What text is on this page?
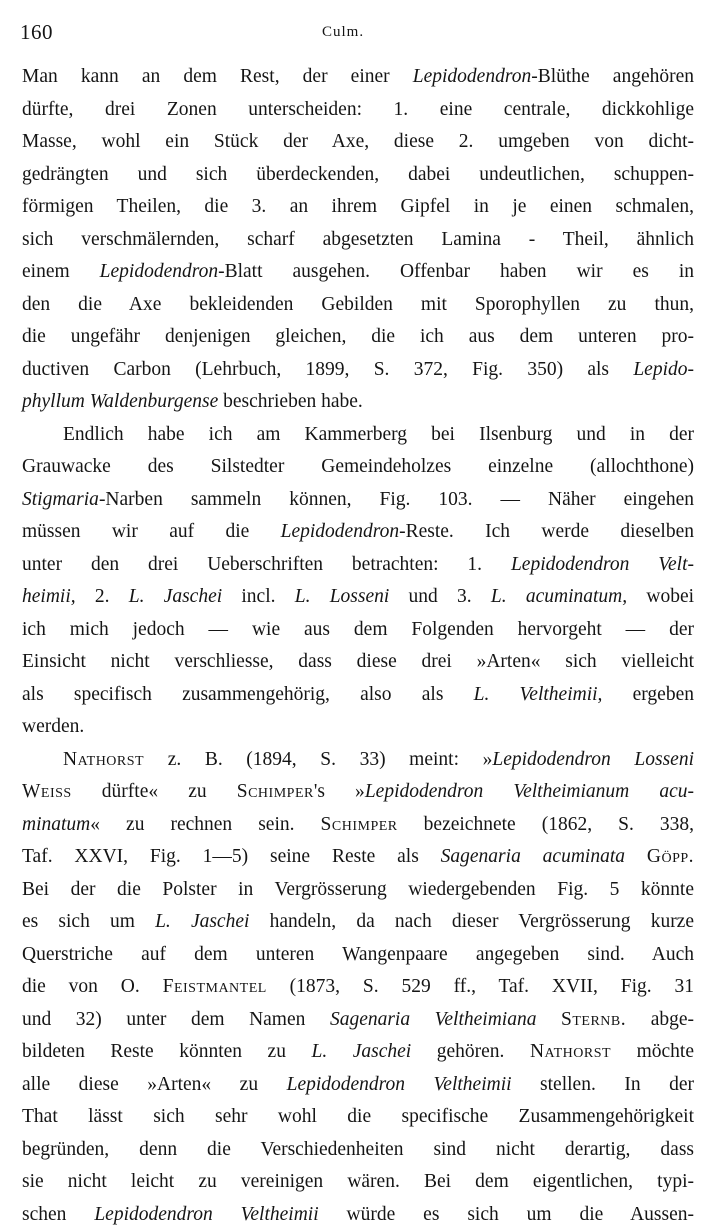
160	Culm.
Man kann an dem Rest, der einer Lepidodendron-Blüthe angehören
dürfte, drei Zonen unterscheiden: 1. eine centrale, dickkohlige
Masse, wohl ein Stück der Axe, diese 2. umgeben von dicht-
gedrängten und sich überdeckenden, dabei undeutlichen, schuppen-
förmigen Theilen, die 3. an ihrem Gipfel in je einen schmalen,
sich verschmälernden, scharf abgesetzten Lamina - Theil, ähnlich
einem Lepidodendron-Blatt ausgehen. Offenbar haben wir es in
den die Axe bekleidenden Gebilden mit Sporophyllen zu thun,
die ungefähr denjenigen gleichen, die ich aus dem unteren pro-
ductiven Carbon (Lehrbuch, 1899, S. 372, Fig. 350) als Lepido-
phyllum Waldenburgense beschrieben habe.
Endlich habe ich am Kammerberg bei Ilsenburg und in der
Grauwacke des Silstedter Gemeindeholzes einzelne (allochthone)
Stigmaria-Narben sammeln können, Fig. 103. — Näher eingehen
müssen wir auf die Lepidodendron-Reste. Ich werde dieselben
unter den drei Ueberschriften betrachten: 1. Lepidodendron Velt-
heimii, 2. L. Jaschei incl. L. Losseni und 3. L. acuminatum, wobei
ich mich jedoch — wie aus dem Folgenden hervorgeht — der
Einsicht nicht verschliesse, dass diese drei »Arten« sich vielleicht
als specifisch zusammengehörig, also als L. Veltheimii, ergeben
werden.
Nathorst z. B. (1894, S. 33) meint: »Lepidodendron Losseni
Weiss dürfte« zu Schimper's »Lepidodendron Veltheimianum acu-
minatum« zu rechnen sein. Schimper bezeichnete (1862, S. 338,
Taf. XXVI, Fig. 1—5) seine Reste als Sagenaria acuminata Göpp.
Bei der die Polster in Vergrösserung wiedergebenden Fig. 5 könnte
es sich um L. Jaschei handeln, da nach dieser Vergrösserung kurze
Querstriche auf dem unteren Wangenpaare angegeben sind. Auch
die von O. Feistmantel (1873, S. 529 ff., Taf. XVII, Fig. 31
und 32) unter dem Namen Sagenaria Veltheimiana Sternb. abge-
bildeten Reste könnten zu L. Jaschei gehören. Nathorst möchte
alle diese »Arten« zu Lepidodendron Veltheimii stellen. In der
That lässt sich sehr wohl die specifische Zusammengehörigkeit
begründen, denn die Verschiedenheiten sind nicht derartig, dass
sie nicht leicht zu vereinigen wären. Bei dem eigentlichen, typi-
schen Lepidodendron Veltheimii würde es sich um die Aussen-
